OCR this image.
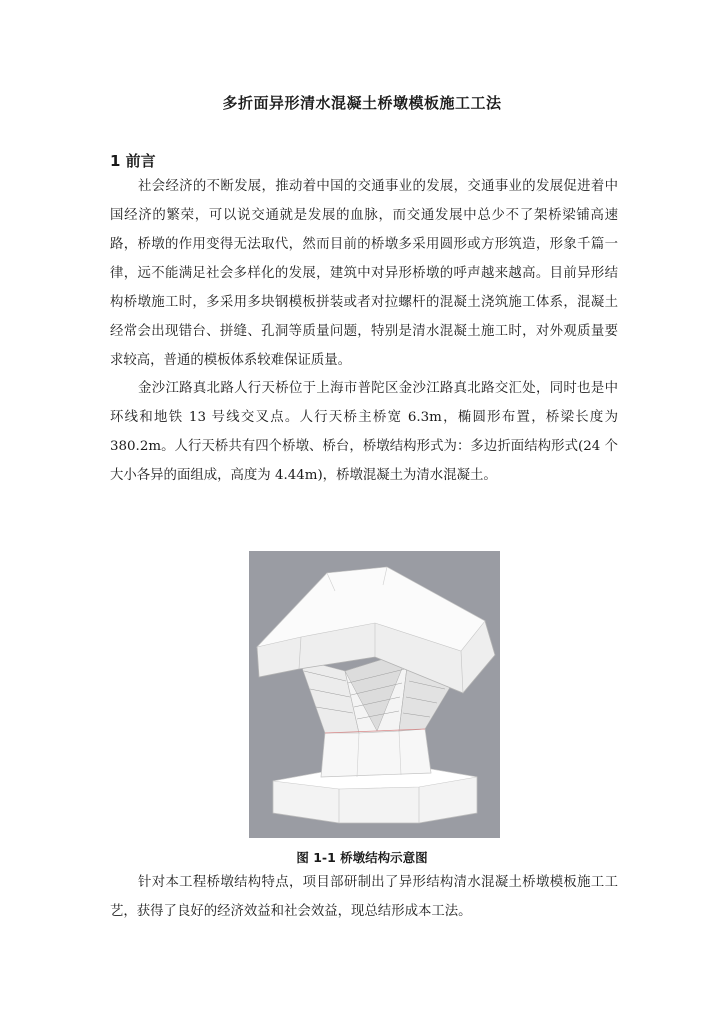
多折面异形清水混凝土桥墩模板施工工法
1 前言

社会经济的不断发展，推动着中国的交通事业的发展，交通事业的发展促进着中国经济的繁荣，可以说交通就是发展的血脉，而交通发展中总少不了架桥梁铺高速路，桥墩的作用变得无法取代，然而目前的桥墩多采用圆形或方形筑造，形象千篇一律，远不能满足社会多样化的发展，建筑中对异形桥墩的呼声越来越高。目前异形结构桥墩施工时，多采用多块钢模板拼装或者对拉螺杆的混凝土浇筑施工体系，混凝土经常会出现错台、拼缝、孔洞等质量问题，特别是清水混凝土施工时，对外观质量要求较高，普通的模板体系较难保证质量。

金沙江路真北路人行天桥位于上海市普陀区金沙江路真北路交汇处，同时也是中环线和地铁 13 号线交叉点。人行天桥主桥宽 6.3m，椭圆形布置，桥梁长度为 380.2m。人行天桥共有四个桥墩、桥台，桥墩结构形式为：多边折面结构形式(24 个大小各异的面组成，高度为 4.44m)，桥墩混凝土为清水混凝土。

图 1-1 桥墩结构示意图

针对本工程桥墩结构特点，项目部研制出了异形结构清水混凝土桥墩模板施工工艺，获得了良好的经济效益和社会效益，现总结形成本工法。
